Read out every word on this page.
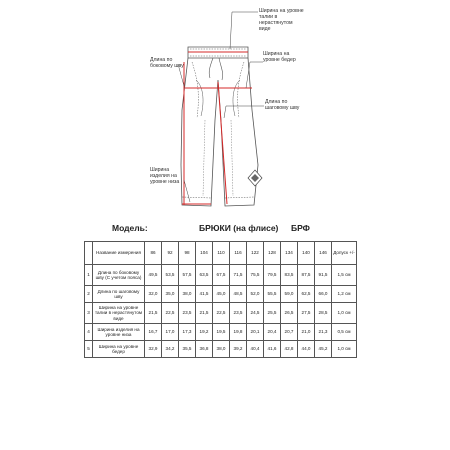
Ширина на уровне талии в нерастянутом виде
Длина по боковому шву
Ширина на уровне бедер
Длина по шаговому шву
Ширина изделия на уровне низа
Модель:	БРЮКИ (на флисе) БРФ
	Название измерения	86	92	98	104	110	116	122	128	134	140	146	Допуск +/-
1	Длина по боковому шву (С учетом пояса)	49,5	53,5	57,5	63,5	67,5	71,5	75,5	79,5	83,5	87,5	91,5	1,5 см
2	Длина по шаговому шву	32,0	35,0	38,0	41,5	45,0	48,5	52,0	55,5	59,0	62,5	66,0	1,2 см
3	Ширина на уровне талии в нерастянутом виде	21,5	22,5	23,5	21,5	22,5	23,5	24,5	25,5	26,5	27,5	28,5	1,0 см
4	Ширина изделия на уровне низа	16,7	17,0	17,3	19,2	19,5	19,8	20,1	20,4	20,7	21,0	21,3	0,5 см
5	Ширина на уровне бедер	32,9	34,2	35,5	36,8	38,0	39,2	40,4	41,6	42,8	44,0	45,2	1,0 см
